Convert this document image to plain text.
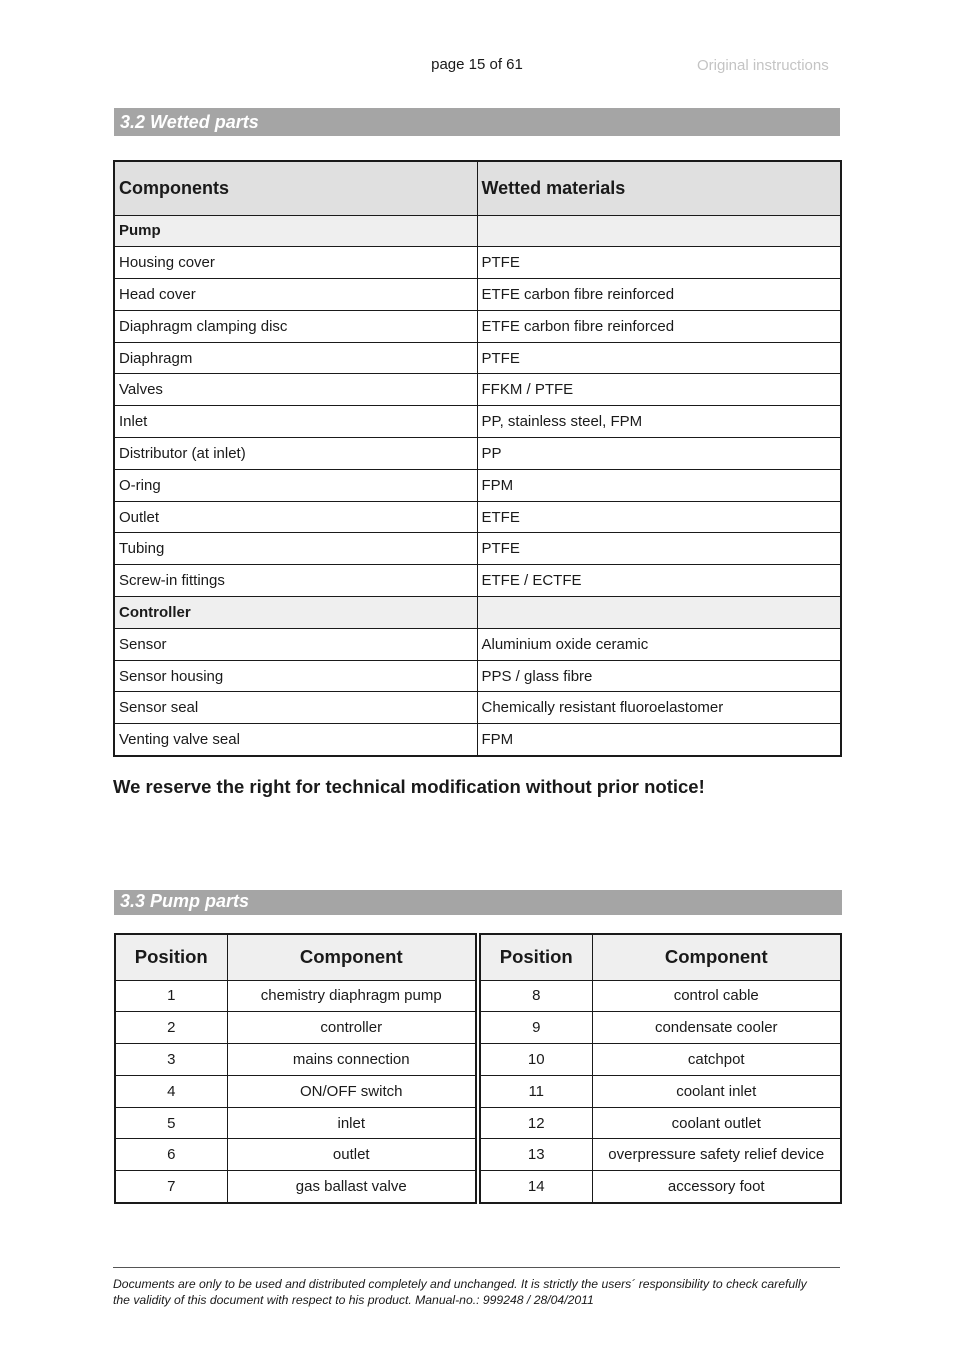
page 15 of 61	Original instructions
3.2 Wetted parts
Components	Wetted materials
Pump	
Housing cover	PTFE
Head cover	ETFE carbon fibre reinforced
Diaphragm clamping disc	ETFE carbon fibre reinforced
Diaphragm	PTFE
Valves	FFKM / PTFE
Inlet	PP, stainless steel, FPM
Distributor (at inlet)	PP
O-ring	FPM
Outlet	ETFE
Tubing	PTFE
Screw-in fittings	ETFE / ECTFE
Controller	
Sensor	Aluminium oxide ceramic
Sensor housing	PPS / glass fibre
Sensor seal	Chemically resistant fluoroelastomer
Venting valve seal	FPM
We reserve the right for technical modification without prior notice!
3.3 Pump parts
Position	Component
1	chemistry diaphragm pump
2	controller
3	mains connection
4	ON/OFF switch
5	inlet
6	outlet
7	gas ballast valve
Position	Component
8	control cable
9	condensate cooler
10	catchpot
11	coolant inlet
12	coolant outlet
13	overpressure safety relief device
14	accessory foot
Documents are only to be used and distributed completely and unchanged. It is strictly the users´ responsibility to check carefully
the validity of this document with respect to his product. Manual-no.: 999248 / 28/04/2011
